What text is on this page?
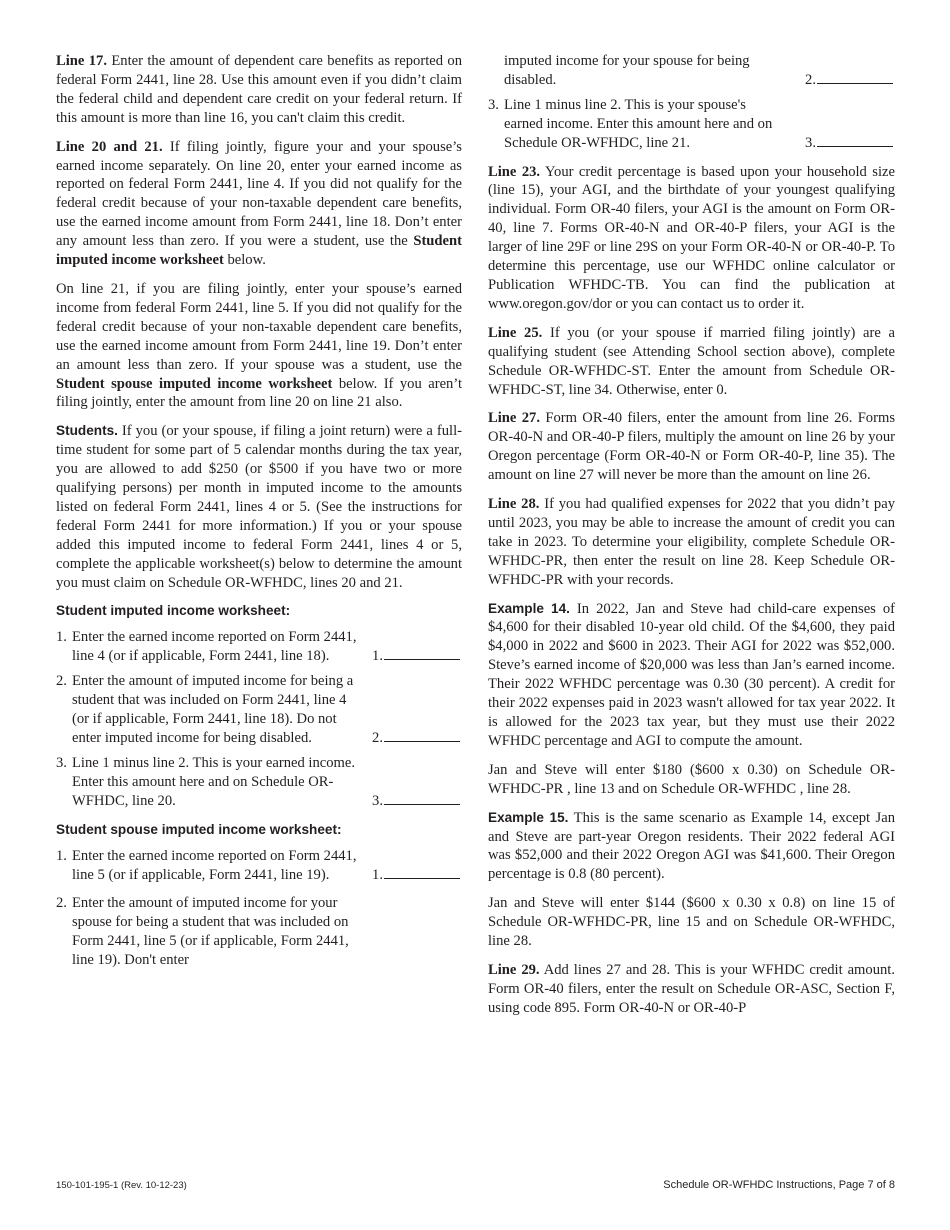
Line 17. Enter the amount of dependent care benefits as reported on federal Form 2441, line 28. Use this amount even if you didn’t claim the federal child and dependent care credit on your federal return. If this amount is more than line 16, you can't claim this credit.

Line 20 and 21. If filing jointly, figure your and your spouse’s earned income separately. On line 20, enter your earned income as reported on federal Form 2441, line 4. If you did not qualify for the federal credit because of your non-taxable dependent care benefits, use the earned income amount from Form 2441, line 18. Don’t enter any amount less than zero. If you were a student, use the Student imputed income worksheet below.

On line 21, if you are filing jointly, enter your spouse’s earned income from federal Form 2441, line 5. If you did not qualify for the federal credit because of your non-taxable dependent care benefits, use the earned income amount from Form 2441, line 19. Don’t enter an amount less than zero. If your spouse was a student, use the Student spouse imputed income worksheet below. If you aren’t filing jointly, enter the amount from line 20 on line 21 also.

Students. If you (or your spouse, if filing a joint return) were a full-time student for some part of 5 calendar months during the tax year, you are allowed to add $250 (or $500 if you have two or more qualifying persons) per month in imputed income to the amounts listed on federal Form 2441, lines 4 or 5. (See the instructions for federal Form 2441 for more information.) If you or your spouse added this imputed income to federal Form 2441, lines 4 or 5, complete the applicable worksheet(s) below to determine the amount you must claim on Schedule OR-WFHDC, lines 20 and 21.

Student imputed income worksheet:
1. Enter the earned income reported on Form 2441, line 4 (or if applicable, Form 2441, line 18).	1.
2. Enter the amount of imputed income for being a student that was included on Form 2441, line 4 (or if applicable, Form 2441, line 18). Do not enter imputed income for being disabled.	2.
3. Line 1 minus line 2. This is your earned income. Enter this amount here and on Schedule OR-WFHDC, line 20.	3.
Student spouse imputed income worksheet:
1. Enter the earned income reported on Form 2441, line 5 (or if applicable, Form 2441, line 19).	1.
2. Enter the amount of imputed income for your spouse for being a student that was included on Form 2441, line 5 (or if applicable, Form 2441, line 19). Don't enter
imputed income for your spouse for being disabled.	2.
3. Line 1 minus line 2. This is your spouse's earned income. Enter this amount here and on Schedule OR-WFHDC, line 21.	3.

Line 23. Your credit percentage is based upon your household size (line 15), your AGI, and the birthdate of your youngest qualifying individual. Form OR-40 filers, your AGI is the amount on Form OR-40, line 7. Forms OR-40-N and OR-40-P filers, your AGI is the larger of line 29F or line 29S on your Form OR-40-N or OR-40-P. To determine this percentage, use our WFHDC online calculator or Publication WFHDC-TB. You can find the publication at www.oregon.gov/dor or you can contact us to order it.

Line 25. If you (or your spouse if married filing jointly) are a qualifying student (see Attending School section above), complete Schedule OR-WFHDC-ST. Enter the amount from Schedule OR-WFHDC-ST, line 34. Otherwise, enter 0.

Line 27. Form OR-40 filers, enter the amount from line 26. Forms OR-40-N and OR-40-P filers, multiply the amount on line 26 by your Oregon percentage (Form OR-40-N or Form OR-40-P, line 35). The amount on line 27 will never be more than the amount on line 26.

Line 28. If you had qualified expenses for 2022 that you didn’t pay until 2023, you may be able to increase the amount of credit you can take in 2023. To determine your eligibility, complete Schedule OR-WFHDC-PR, then enter the result on line 28. Keep Schedule OR-WFHDC-PR with your records.

Example 14. In 2022, Jan and Steve had child-care expenses of $4,600 for their disabled 10-year old child. Of the $4,600, they paid $4,000 in 2022 and $600 in 2023. Their AGI for 2022 was $52,000. Steve’s earned income of $20,000 was less than Jan’s earned income. Their 2022 WFHDC percentage was 0.30 (30 percent). A credit for their 2022 expenses paid in 2023 wasn't allowed for tax year 2022. It is allowed for the 2023 tax year, but they must use their 2022 WFHDC percentage and AGI to compute the amount.

Jan and Steve will enter $180 ($600 x 0.30) on Schedule OR-WFHDC-PR , line 13 and on Schedule OR-WFHDC , line 28.

Example 15. This is the same scenario as Example 14, except Jan and Steve are part-year Oregon residents. Their 2022 federal AGI was $52,000 and their 2022 Oregon AGI was $41,600. Their Oregon percentage is 0.8 (80 percent).

Jan and Steve will enter $144 ($600 x 0.30 x 0.8) on line 15 of Schedule OR-WFHDC-PR, line 15 and on Schedule OR-WFHDC, line 28.

Line 29. Add lines 27 and 28. This is your WFHDC credit amount. Form OR-40 filers, enter the result on Schedule OR-ASC, Section F, using code 895. Form OR-40-N or OR-40-P

150-101-195-1 (Rev. 10-12-23)	Schedule OR-WFHDC Instructions, Page 7 of 8
